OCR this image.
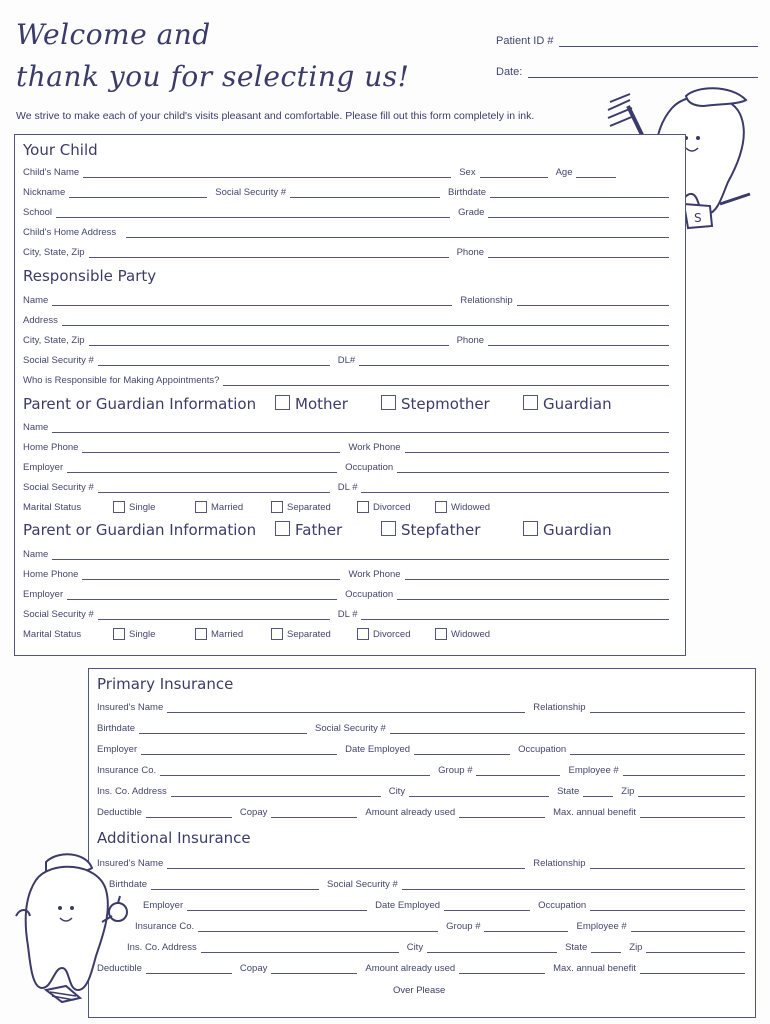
Welcome and
thank you for selecting us!
Patient ID #
Date:
We strive to make each of your child's visits pleasant and comfortable. Please fill out this form completely in ink.
S
Your Child
Child's Name	Sex	Age
Nickname	Social Security #	Birthdate
School	Grade
Child's Home Address
City, State, Zip	Phone
Responsible Party
Name	Relationship
Address
City, State, Zip	Phone
Social Security #	DL#
Who is Responsible for Making Appointments?
Parent or Guardian Information	Mother	Stepmother	Guardian
Name
Home Phone	Work Phone
Employer	Occupation
Social Security #	DL #
Marital Status	Single	Married	Separated	Divorced	Widowed
Parent or Guardian Information	Father	Stepfather	Guardian
Name
Home Phone	Work Phone
Employer	Occupation
Social Security #	DL #
Marital Status	Single	Married	Separated	Divorced	Widowed
Primary Insurance
Insured's Name	Relationship
Birthdate	Social Security #
Employer	Date Employed	Occupation
Insurance Co.	Group #	Employee #
Ins. Co. Address	City	State	Zip
Deductible	Copay	Amount already used	Max. annual benefit
Additional Insurance
Insured's Name	Relationship
Birthdate	Social Security #
Employer	Date Employed	Occupation
Insurance Co.	Group #	Employee #
Ins. Co. Address	City	State	Zip
Deductible	Copay	Amount already used	Max. annual benefit
Over Please
